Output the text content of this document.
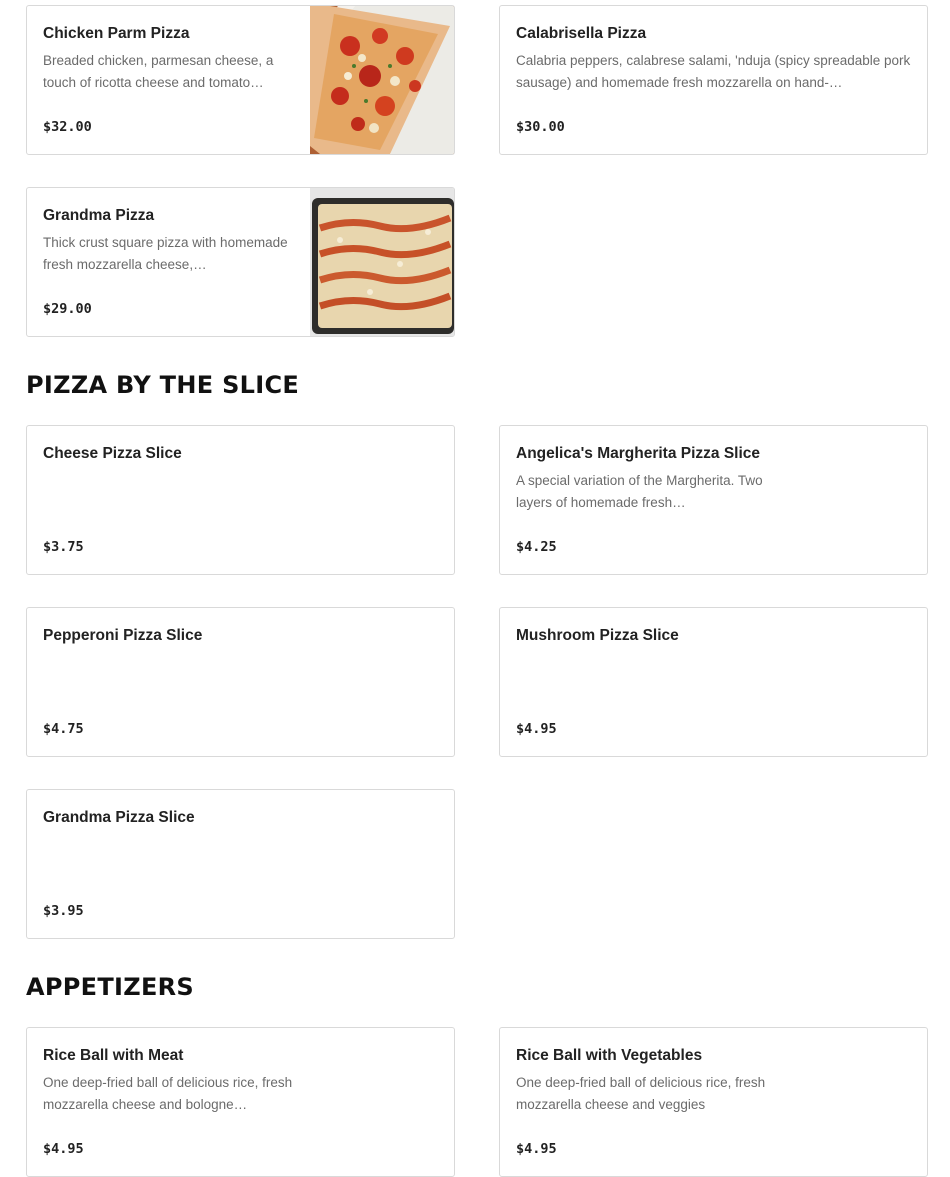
Chicken Parm Pizza
Breaded chicken, parmesan cheese, a touch of ricotta cheese and tomato…
$32.00
Calabrisella Pizza
Calabria peppers, calabrese salami, 'nduja (spicy spreadable pork sausage) and homemade fresh mozzarella on hand-…
$30.00
Grandma Pizza
Thick crust square pizza with homemade fresh mozzarella cheese,…
$29.00
PIZZA BY THE SLICE
Cheese Pizza Slice
$3.75
Angelica's Margherita Pizza Slice
A special variation of the Margherita. Two layers of homemade fresh…
$4.25
Pepperoni Pizza Slice
$4.75
Mushroom Pizza Slice
$4.95
Grandma Pizza Slice
$3.95
APPETIZERS
Rice Ball with Meat
One deep-fried ball of delicious rice, fresh mozzarella cheese and bologne…
$4.95
Rice Ball with Vegetables
One deep-fried ball of delicious rice, fresh mozzarella cheese and veggies
$4.95
